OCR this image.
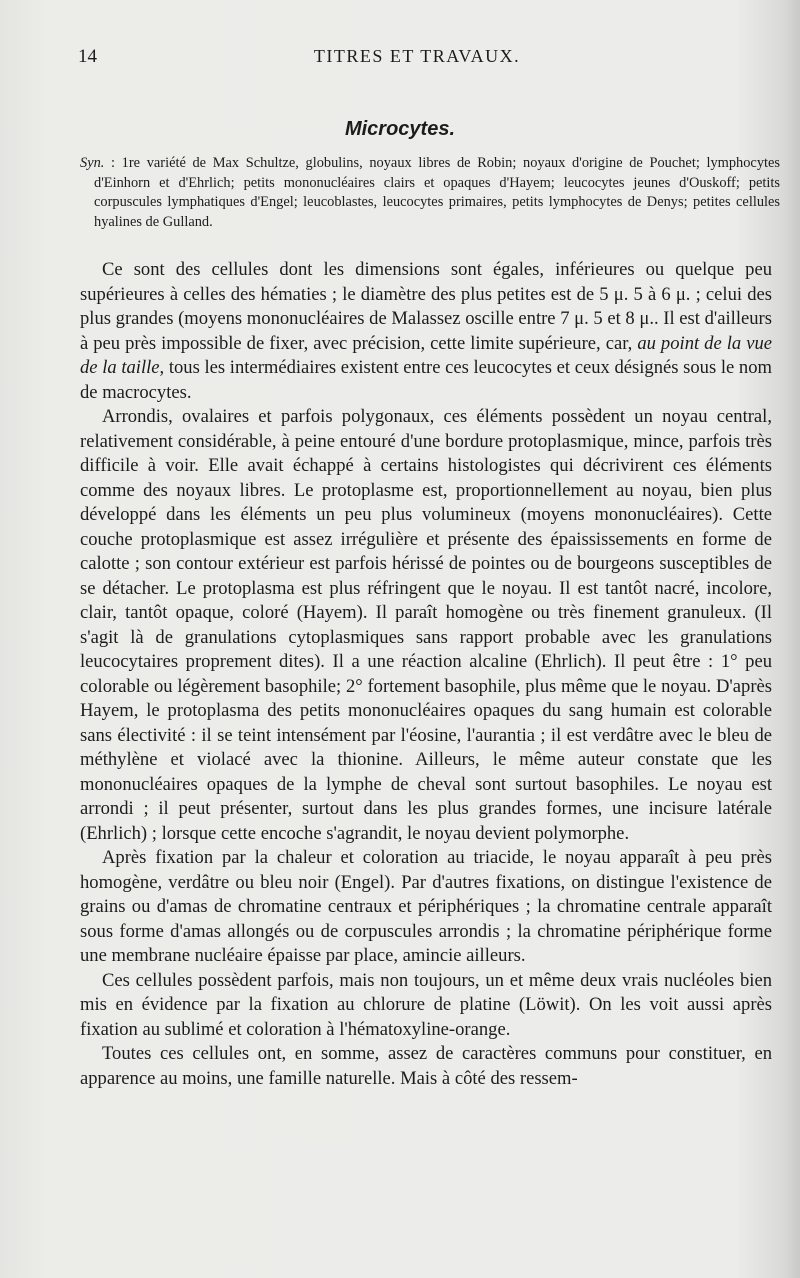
14	TITRES ET TRAVAUX.
Microcytes.
Syn. : 1re variété de Max Schultze, globulins, noyaux libres de Robin; noyaux d'origine de Pouchet; lymphocytes d'Einhorn et d'Ehrlich; petits mononucléaires clairs et opaques d'Hayem; leucocytes jeunes d'Ouskoff; petits corpuscules lymphatiques d'Engel; leucoblastes, leucocytes primaires, petits lymphocytes de Denys; petites cellules hyalines de Gulland.

Ce sont des cellules dont les dimensions sont égales, inférieures ou quelque peu supérieures à celles des hématies ; le diamètre des plus petites est de 5 μ. 5 à 6 μ. ; celui des plus grandes (moyens mononucléaires de Malassez oscille entre 7 μ. 5 et 8 μ.. Il est d'ailleurs à peu près impossible de fixer, avec précision, cette limite supérieure, car, au point de la vue de la taille, tous les intermédiaires existent entre ces leucocytes et ceux désignés sous le nom de macrocytes.

Arrondis, ovalaires et parfois polygonaux, ces éléments possèdent un noyau central, relativement considérable, à peine entouré d'une bordure protoplasmique, mince, parfois très difficile à voir. Elle avait échappé à certains histologistes qui décrivirent ces éléments comme des noyaux libres. Le protoplasme est, proportionnellement au noyau, bien plus développé dans les éléments un peu plus volumineux (moyens mononucléaires). Cette couche protoplasmique est assez irrégulière et présente des épaississements en forme de calotte ; son contour extérieur est parfois hérissé de pointes ou de bourgeons susceptibles de se détacher. Le protoplasma est plus réfringent que le noyau. Il est tantôt nacré, incolore, clair, tantôt opaque, coloré (Hayem). Il paraît homogène ou très finement granuleux. (Il s'agit là de granulations cytoplasmiques sans rapport probable avec les granulations leucocytaires proprement dites). Il a une réaction alcaline (Ehrlich). Il peut être : 1° peu colorable ou légèrement basophile; 2° fortement basophile, plus même que le noyau. D'après Hayem, le protoplasma des petits mononucléaires opaques du sang humain est colorable sans électivité : il se teint intensément par l'éosine, l'aurantia ; il est verdâtre avec le bleu de méthylène et violacé avec la thionine. Ailleurs, le même auteur constate que les mononucléaires opaques de la lymphe de cheval sont surtout basophiles. Le noyau est arrondi ; il peut présenter, surtout dans les plus grandes formes, une incisure latérale (Ehrlich) ; lorsque cette encoche s'agrandit, le noyau devient polymorphe.

Après fixation par la chaleur et coloration au triacide, le noyau apparaît à peu près homogène, verdâtre ou bleu noir (Engel). Par d'autres fixations, on distingue l'existence de grains ou d'amas de chromatine centraux et périphériques ; la chromatine centrale apparaît sous forme d'amas allongés ou de corpuscules arrondis ; la chromatine périphérique forme une membrane nucléaire épaisse par place, amincie ailleurs.

Ces cellules possèdent parfois, mais non toujours, un et même deux vrais nucléoles bien mis en évidence par la fixation au chlorure de platine (Löwit). On les voit aussi après fixation au sublimé et coloration à l'hématoxyline-orange.

Toutes ces cellules ont, en somme, assez de caractères communs pour constituer, en apparence au moins, une famille naturelle. Mais à côté des ressem-
